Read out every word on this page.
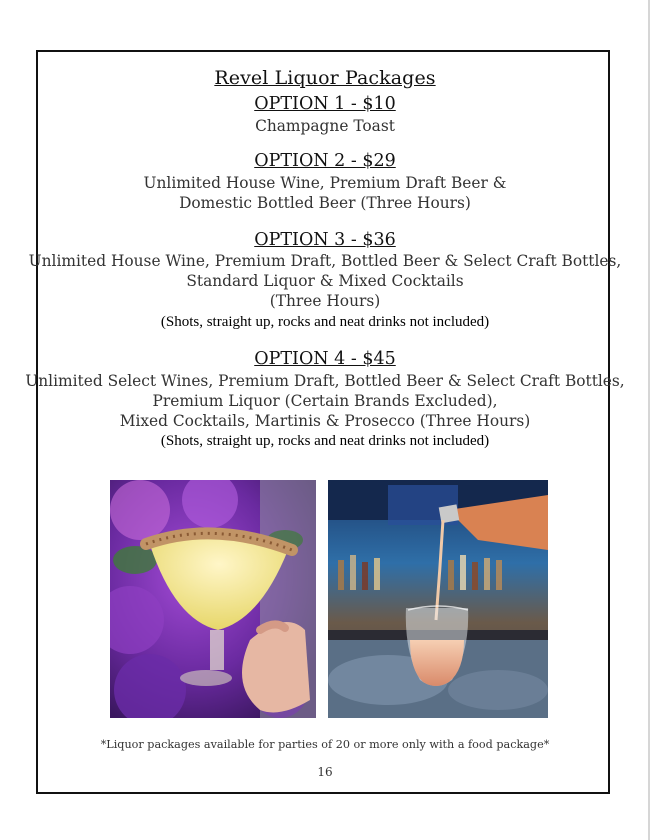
Revel Liquor Packages
OPTION 1 - $10
Champagne Toast
OPTION 2 - $29
Unlimited House Wine, Premium Draft Beer &
Domestic Bottled Beer (Three Hours)
OPTION 3 - $36
Unlimited House Wine, Premium Draft, Bottled Beer & Select Craft Bottles,
Standard Liquor & Mixed Cocktails
(Three Hours)
(Shots, straight up, rocks and neat drinks not included)
OPTION 4 - $45
Unlimited Select Wines, Premium Draft, Bottled Beer & Select Craft Bottles,
Premium Liquor (Certain Brands Excluded),
Mixed Cocktails, Martinis & Prosecco (Three Hours)
(Shots, straight up, rocks and neat drinks not included)
*Liquor packages available for parties of 20 or more only with a food package*
16
